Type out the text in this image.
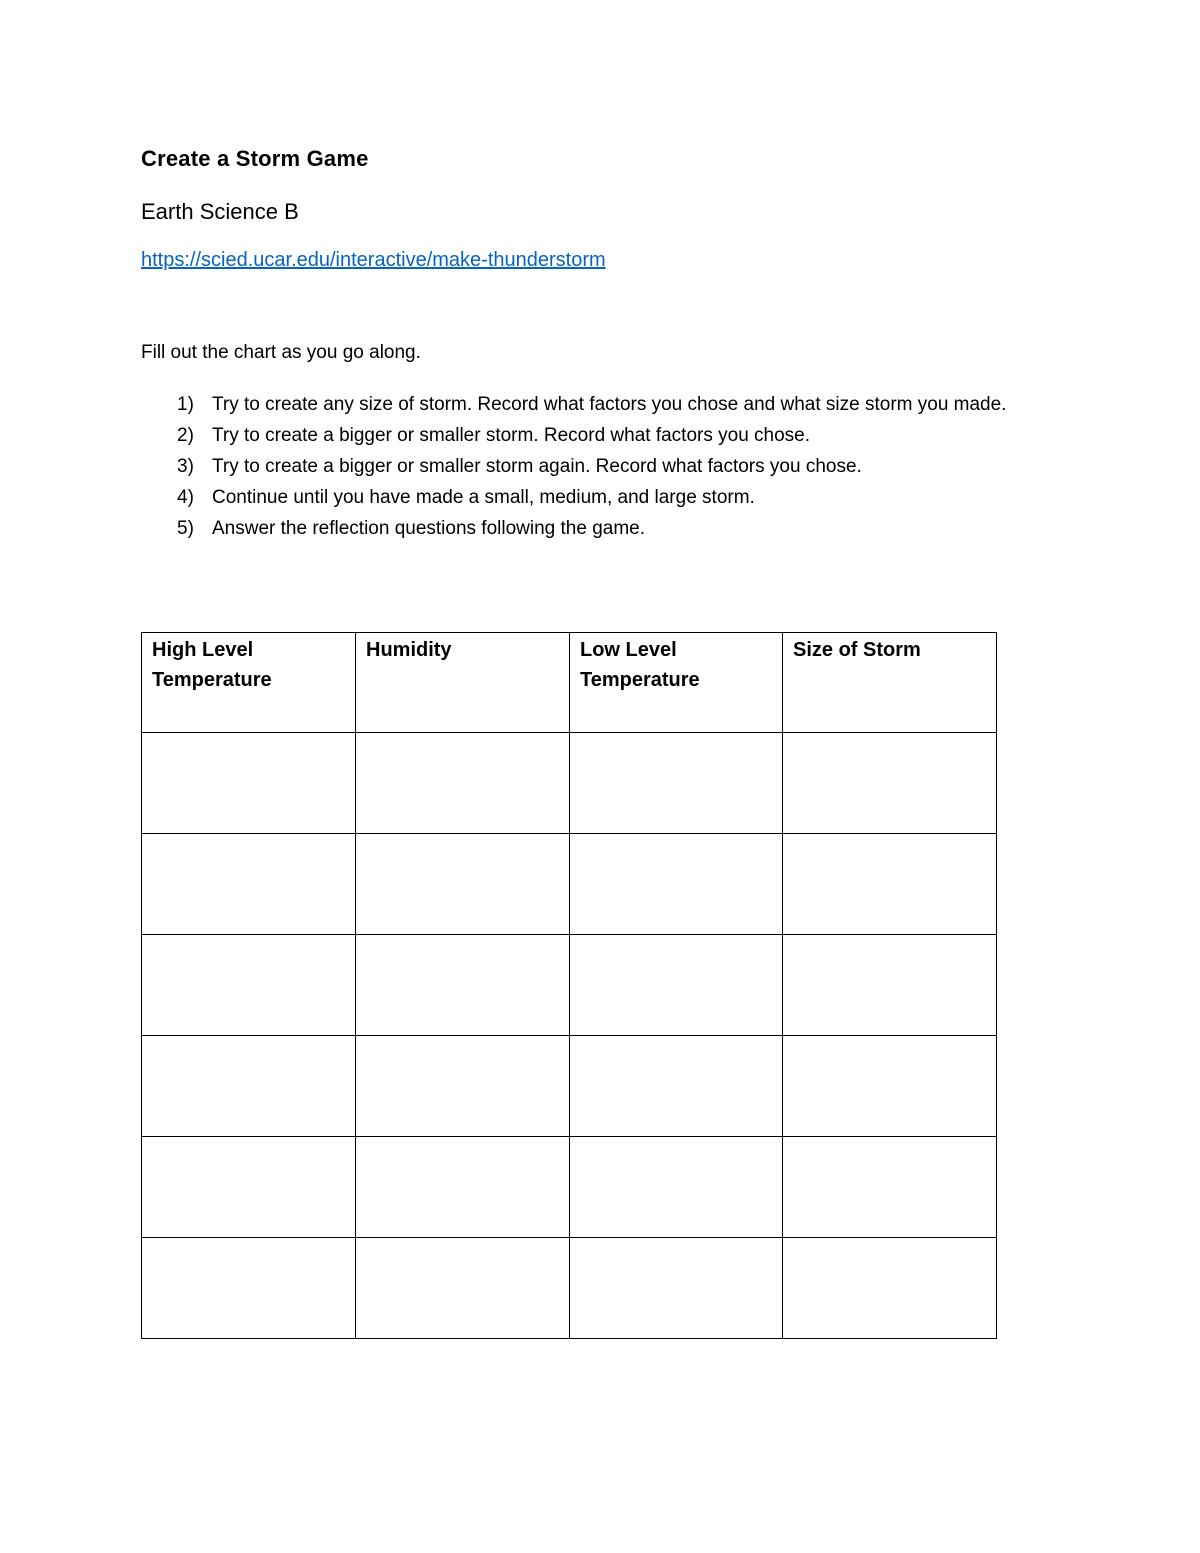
Create a Storm Game
Earth Science B
https://scied.ucar.edu/interactive/make-thunderstorm
Fill out the chart as you go along.
1) Try to create any size of storm. Record what factors you chose and what size storm you made.
2) Try to create a bigger or smaller storm. Record what factors you chose.
3) Try to create a bigger or smaller storm again. Record what factors you chose.
4) Continue until you have made a small, medium, and large storm.
5) Answer the reflection questions following the game.
High Level Temperature	Humidity	Low Level Temperature	Size of Storm
